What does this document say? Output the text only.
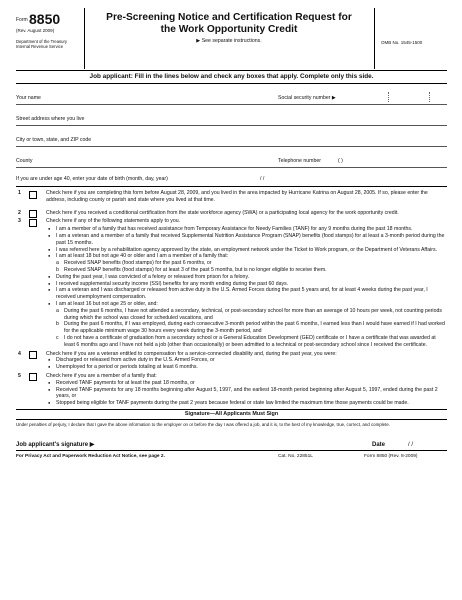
Form 8850
(Rev. August 2009)
Department of the Treasury Internal Revenue Service
Pre-Screening Notice and Certification Request for
the Work Opportunity Credit
▶ See separate instructions.	OMB No. 1545-1500
Job applicant: Fill in the lines below and check any boxes that apply. Complete only this side.
Your name	Social security number ▶
Street address where you live
City or town, state, and ZIP code
County	Telephone number	( )
If you are under age 40, enter your date of birth (month, day, year)	/ /
1	Check here if you are completing this form before August 28, 2009, and you lived in the area impacted by Hurricane Katrina on August 28, 2005. If so, please enter the address, including county or parish and state where you lived at that time.
2	Check here if you received a conditional certification from the state workforce agency (SWA) or a participating local agency for the work opportunity credit.
3	Check here if any of the following statements apply to you.
● I am a member of a family that has received assistance from Temporary Assistance for Needy Families (TANF) for any 9 months during the past 18 months.
● I am a veteran and a member of a family that received Supplemental Nutrition Assistance Program (SNAP) benefits (food stamps) for at least a 3-month period during the past 15 months.
● I was referred here by a rehabilitation agency approved by the state, an employment network under the Ticket to Work program, or the Department of Veterans Affairs.
● I am at least 18 but not age 40 or older and I am a member of a family that:
a Received SNAP benefits (food stamps) for the past 6 months, or
b Received SNAP benefits (food stamps) for at least 3 of the past 5 months, but is no longer eligible to receive them.
● During the past year, I was convicted of a felony or released from prison for a felony.
● I received supplemental security income (SSI) benefits for any month ending during the past 60 days.
● I am a veteran and I was discharged or released from active duty in the U.S. Armed Forces during the past 5 years and, for at least 4 weeks during the past year, I received unemployment compensation.
● I am at least 16 but not age 25 or older, and:
a During the past 6 months, I have not attended a secondary, technical, or post-secondary school for more than an average of 10 hours per week, not counting periods during which the school was closed for scheduled vacations, and
b During the past 6 months, if I was employed, during each consecutive 3-month period within the past 6 months, I earned less than I would have earned if I had worked for the applicable minimum wage 30 hours every week during the 3-month period, and
c I do not have a certificate of graduation from a secondary school or a General Education Development (GED) certificate or I have a certificate that was awarded at least 6 months ago and I have not held a job (other than occasionally) or been admitted to a technical or post-secondary school since I received the certificate.
4	Check here if you are a veteran entitled to compensation for a service-connected disability and, during the past year, you were:
● Discharged or released from active duty in the U.S. Armed Forces, or
● Unemployed for a period or periods totaling at least 6 months.
5	Check here if you are a member of a family that:
● Received TANF payments for at least the past 18 months, or
● Received TANF payments for any 18 months beginning after August 5, 1997, and the earliest 18-month period beginning after August 5, 1997, ended during the past 2 years, or
● Stopped being eligible for TANF payments during the past 2 years because federal or state law limited the maximum time those payments could be made.
Signature—All Applicants Must Sign
Under penalties of perjury, I declare that I gave the above information to the employer on or before the day I was offered a job, and it is, to the best of my knowledge, true, correct, and complete.
Job applicant's signature ▶	Date	/ /
For Privacy Act and Paperwork Reduction Act Notice, see page 2.	Cat. No. 22851L	Form 8850 (Rev. 8-2009)
